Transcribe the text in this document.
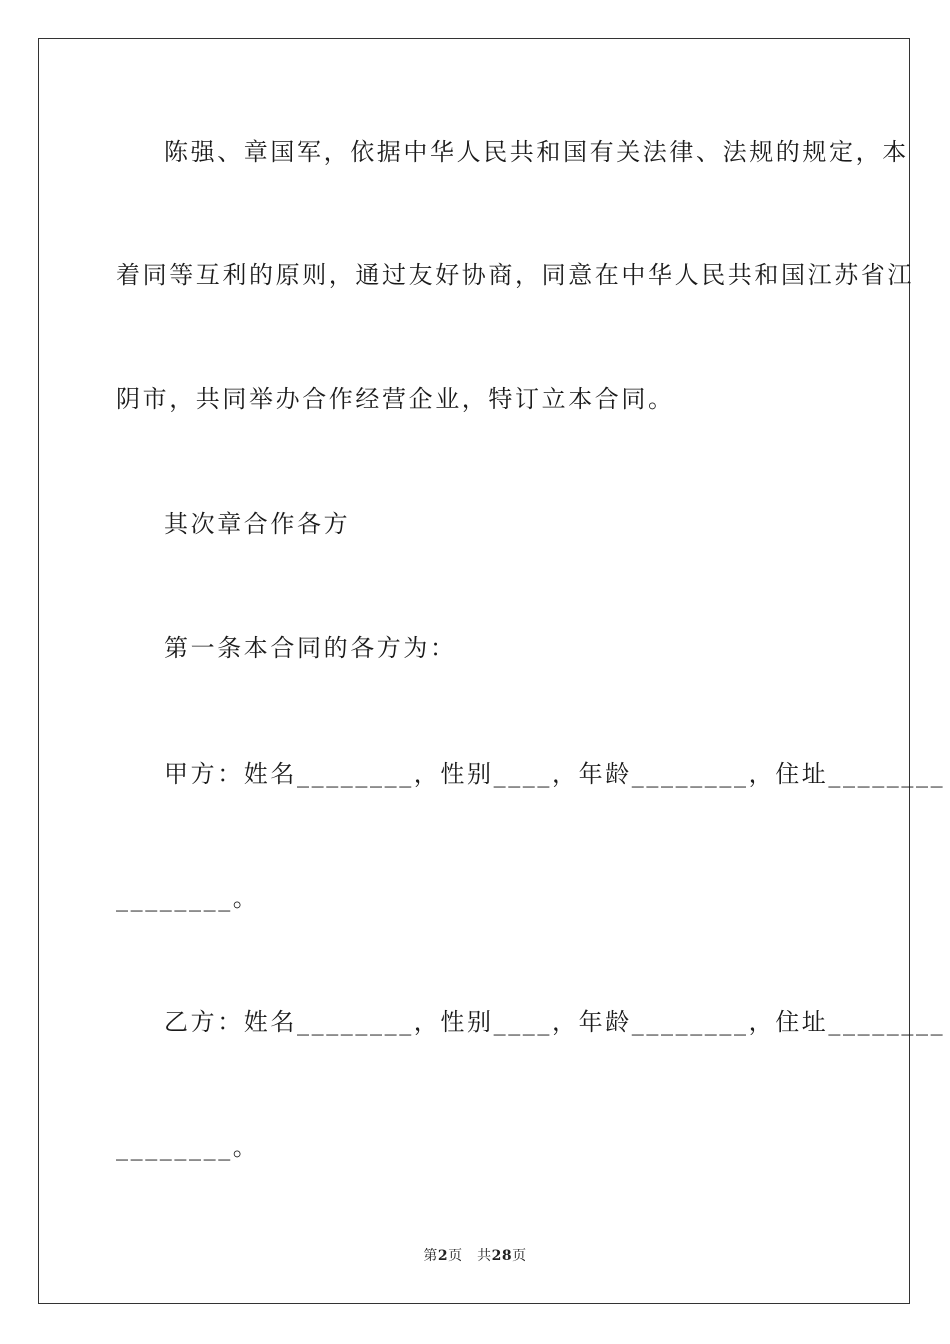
陈强、章国军，依据中华人民共和国有关法律、法规的规定，本
着同等互利的原则，通过友好协商，同意在中华人民共和国江苏省江
阴市，共同举办合作经营企业，特订立本合同。
其次章合作各方
第一条本合同的各方为：
甲方：姓名________，性别____，年龄________，住址________
________。
乙方：姓名________，性别____，年龄________，住址________
________。
第2页　共28页
